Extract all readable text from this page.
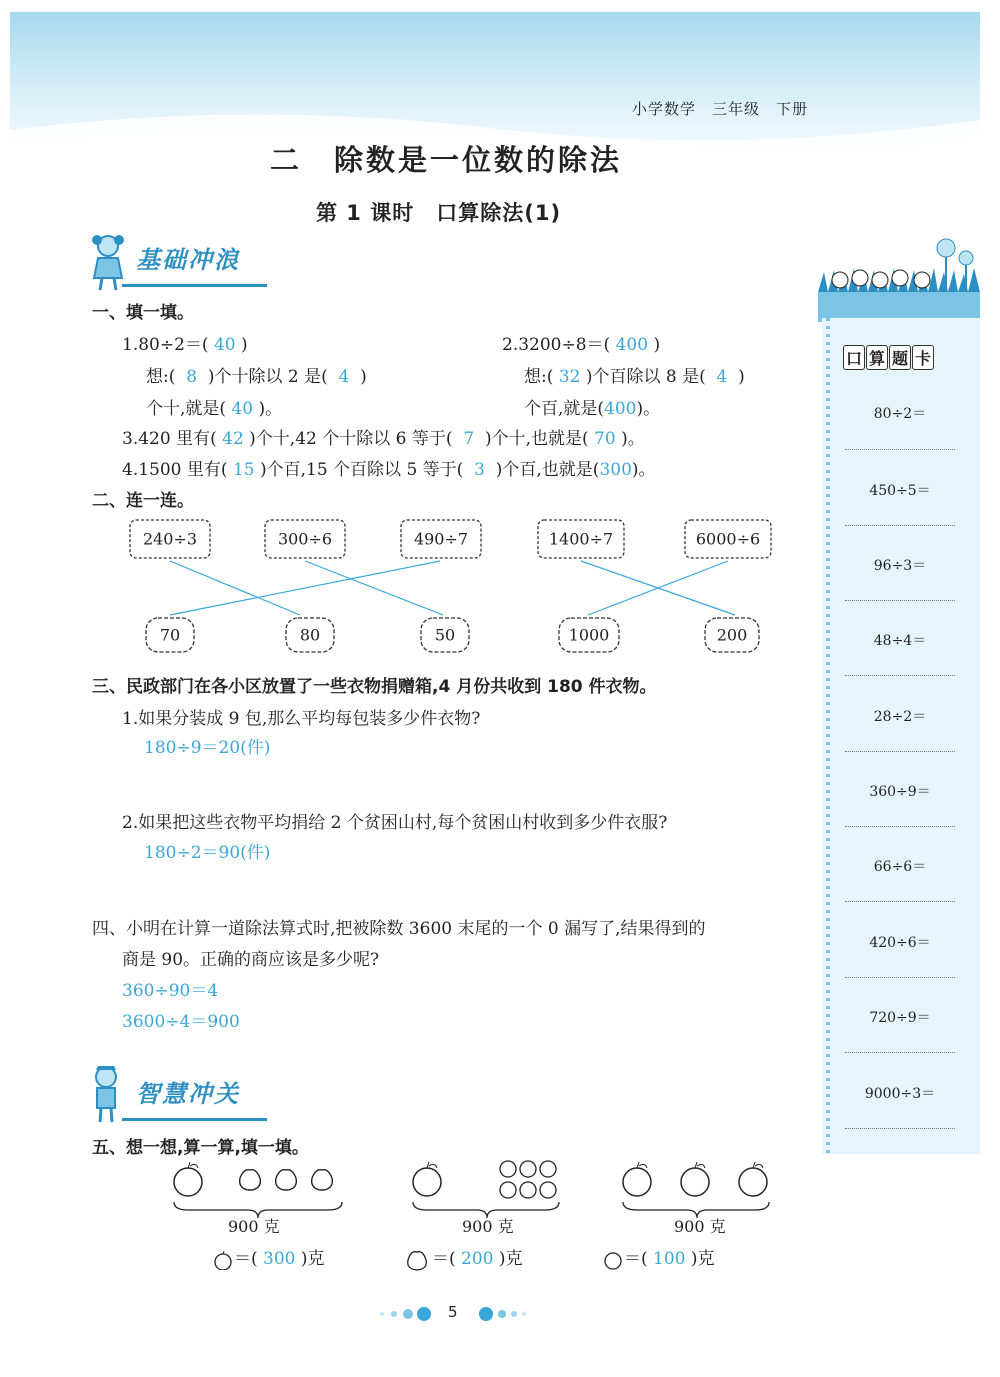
小学数学　三年级　下册
二　除数是一位数的除法
第 1 课时　口算除法(1)
基础冲浪
一、填一填。
1.80÷2＝( 40 )
想:( 8 )个十除以 2 是( 4 )
个十,就是( 40 )。
2.3200÷8＝( 400 )
想:( 32 )个百除以 8 是( 4 )
个百,就是(400)。
3.420 里有( 42 )个十,42 个十除以 6 等于( 7 )个十,也就是( 70 )。
4.1500 里有( 15 )个百,15 个百除以 5 等于( 3 )个百,也就是(300)。
二、连一连。
240÷3	300÷6	490÷7	1400÷7	6000÷6
70	80	50	1000	200
三、民政部门在各小区放置了一些衣物捐赠箱,4 月份共收到 180 件衣物。
1.如果分装成 9 包,那么平均每包装多少件衣物?
180÷9＝20(件)
2.如果把这些衣物平均捐给 2 个贫困山村,每个贫困山村收到多少件衣服?
180÷2＝90(件)
四、小明在计算一道除法算式时,把被除数 3600 末尾的一个 0 漏写了,结果得到的
商是 90。正确的商应该是多少呢?
360÷90＝4
3600÷4＝900
智慧冲关
五、想一想,算一算,填一填。
900 克	900 克	900 克
＝( 300 )克	＝( 200 )克	＝( 100 )克
口 算 题 卡
80÷2＝
450÷5＝
96÷3＝
48÷4＝
28÷2＝
360÷9＝
66÷6＝
420÷6＝
720÷9＝
9000÷3＝
5
